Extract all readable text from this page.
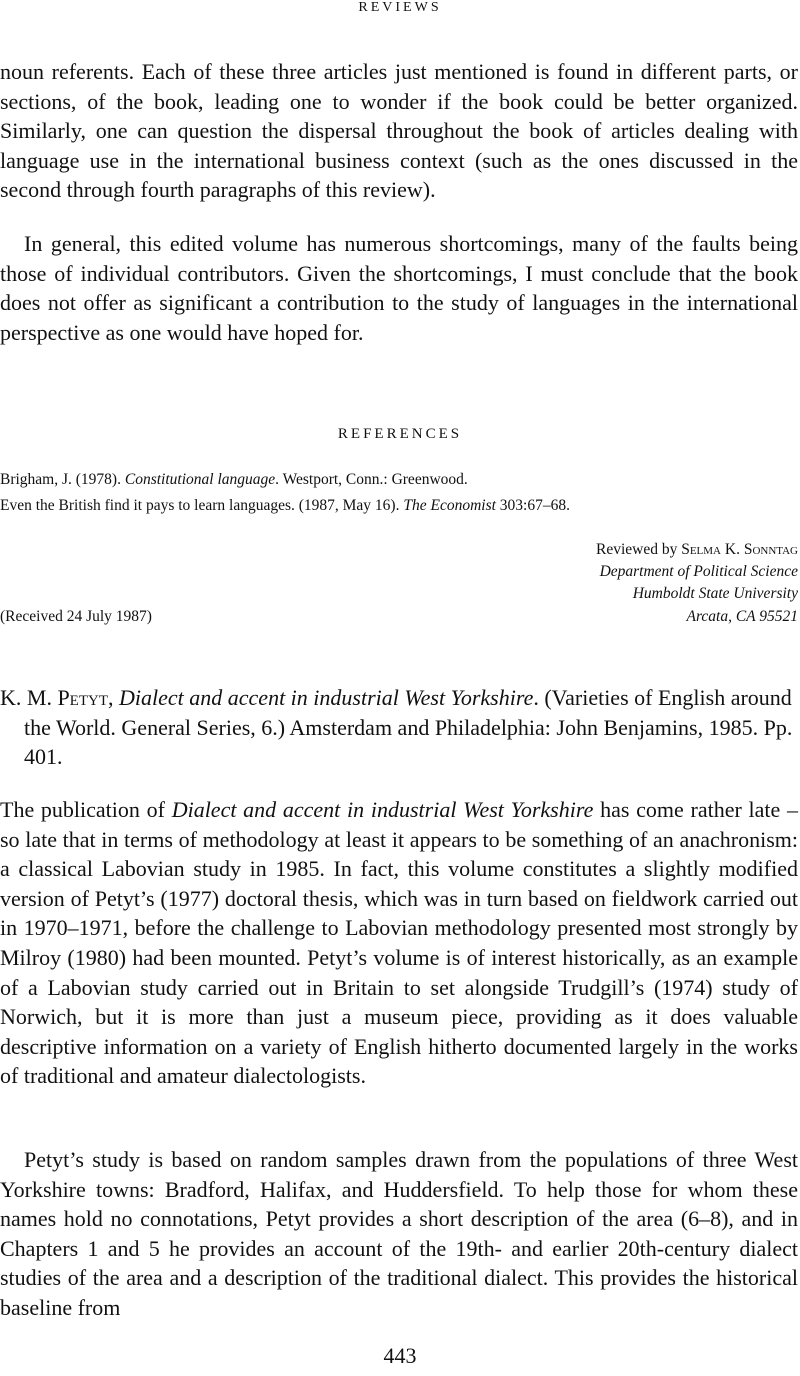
REVIEWS

noun referents. Each of these three articles just mentioned is found in different parts, or sections, of the book, leading one to wonder if the book could be better organized. Similarly, one can question the dispersal throughout the book of articles dealing with language use in the international business context (such as the ones discussed in the second through fourth paragraphs of this review).

In general, this edited volume has numerous shortcomings, many of the faults being those of individual contributors. Given the shortcomings, I must conclude that the book does not offer as significant a contribution to the study of languages in the international perspective as one would have hoped for.

REFERENCES
Brigham, J. (1978). Constitutional language. Westport, Conn.: Greenwood.
Even the British find it pays to learn languages. (1987, May 16). The Economist 303:67–68.
Reviewed by Selma K. Sonntag
Department of Political Science
Humboldt State University
Arcata, CA 95521
(Received 24 July 1987)

K. M. Petyt, Dialect and accent in industrial West Yorkshire. (Varieties of English around the World. General Series, 6.) Amsterdam and Philadelphia: John Benjamins, 1985. Pp. 401.

The publication of Dialect and accent in industrial West Yorkshire has come rather late – so late that in terms of methodology at least it appears to be something of an anachronism: a classical Labovian study in 1985. In fact, this volume constitutes a slightly modified version of Petyt’s (1977) doctoral thesis, which was in turn based on fieldwork carried out in 1970–1971, before the challenge to Labovian methodology presented most strongly by Milroy (1980) had been mounted. Petyt’s volume is of interest historically, as an example of a Labovian study carried out in Britain to set alongside Trudgill’s (1974) study of Norwich, but it is more than just a museum piece, providing as it does valuable descriptive information on a variety of English hitherto documented largely in the works of traditional and amateur dialectologists.

Petyt’s study is based on random samples drawn from the populations of three West Yorkshire towns: Bradford, Halifax, and Huddersfield. To help those for whom these names hold no connotations, Petyt provides a short description of the area (6–8), and in Chapters 1 and 5 he provides an account of the 19th- and earlier 20th-century dialect studies of the area and a description of the traditional dialect. This provides the historical baseline from

443
